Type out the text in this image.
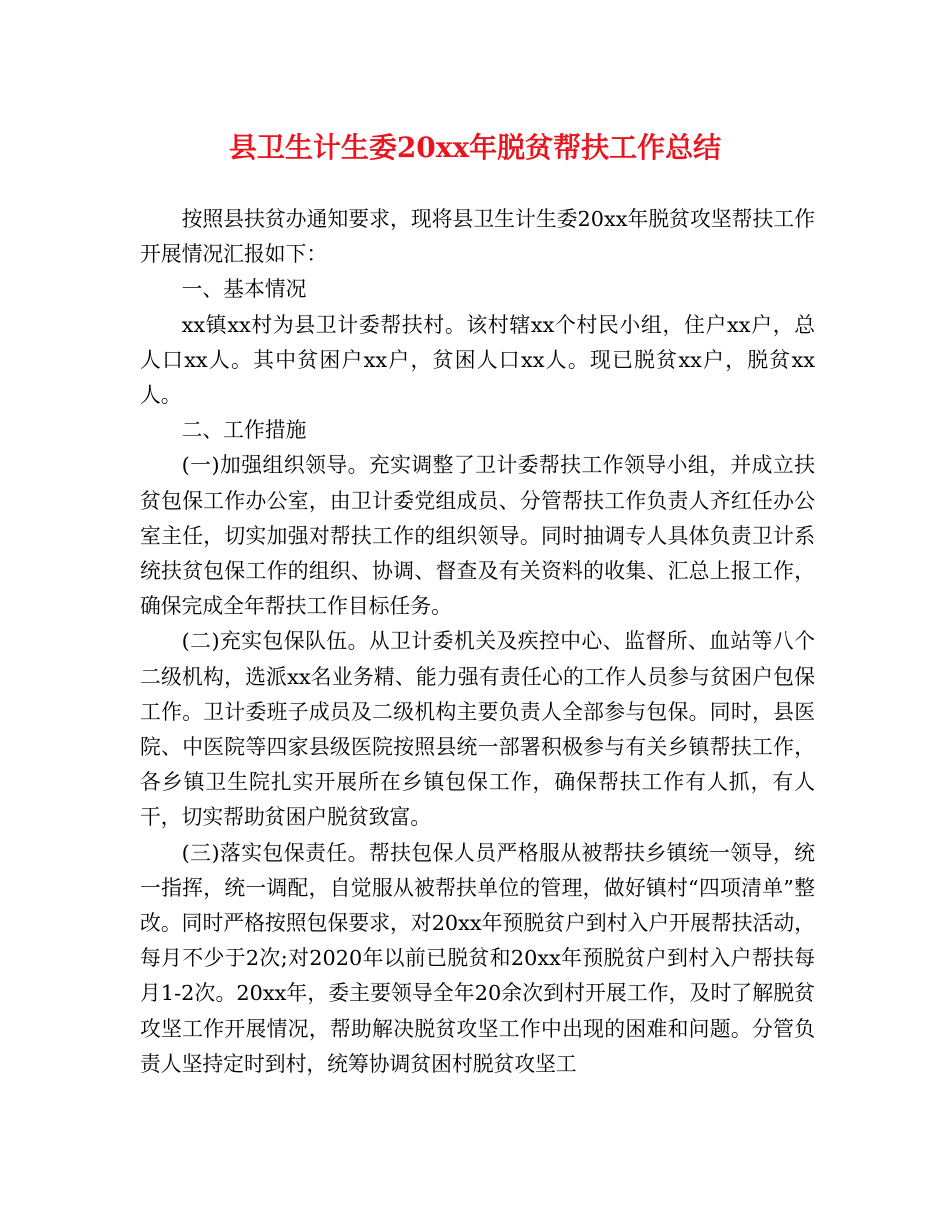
县卫生计生委20xx年脱贫帮扶工作总结

按照县扶贫办通知要求，现将县卫生计生委20xx年脱贫攻坚帮扶工作开展情况汇报如下：

一、基本情况

xx镇xx村为县卫计委帮扶村。该村辖xx个村民小组，住户xx户，总人口xx人。其中贫困户xx户，贫困人口xx人。现已脱贫xx户，脱贫xx人。

二、工作措施

(一)加强组织领导。充实调整了卫计委帮扶工作领导小组，并成立扶贫包保工作办公室，由卫计委党组成员、分管帮扶工作负责人齐红任办公室主任，切实加强对帮扶工作的组织领导。同时抽调专人具体负责卫计系统扶贫包保工作的组织、协调、督查及有关资料的收集、汇总上报工作，确保完成全年帮扶工作目标任务。

(二)充实包保队伍。从卫计委机关及疾控中心、监督所、血站等八个二级机构，选派xx名业务精、能力强有责任心的工作人员参与贫困户包保工作。卫计委班子成员及二级机构主要负责人全部参与包保。同时，县医院、中医院等四家县级医院按照县统一部署积极参与有关乡镇帮扶工作，各乡镇卫生院扎实开展所在乡镇包保工作，确保帮扶工作有人抓，有人干，切实帮助贫困户脱贫致富。

(三)落实包保责任。帮扶包保人员严格服从被帮扶乡镇统一领导，统一指挥，统一调配，自觉服从被帮扶单位的管理，做好镇村“四项清单”整改。同时严格按照包保要求，对20xx年预脱贫户到村入户开展帮扶活动，每月不少于2次;对2020年以前已脱贫和20xx年预脱贫户到村入户帮扶每月1-2次。20xx年，委主要领导全年20余次到村开展工作，及时了解脱贫攻坚工作开展情况，帮助解决脱贫攻坚工作中出现的困难和问题。分管负责人坚持定时到村，统筹协调贫困村脱贫攻坚工
